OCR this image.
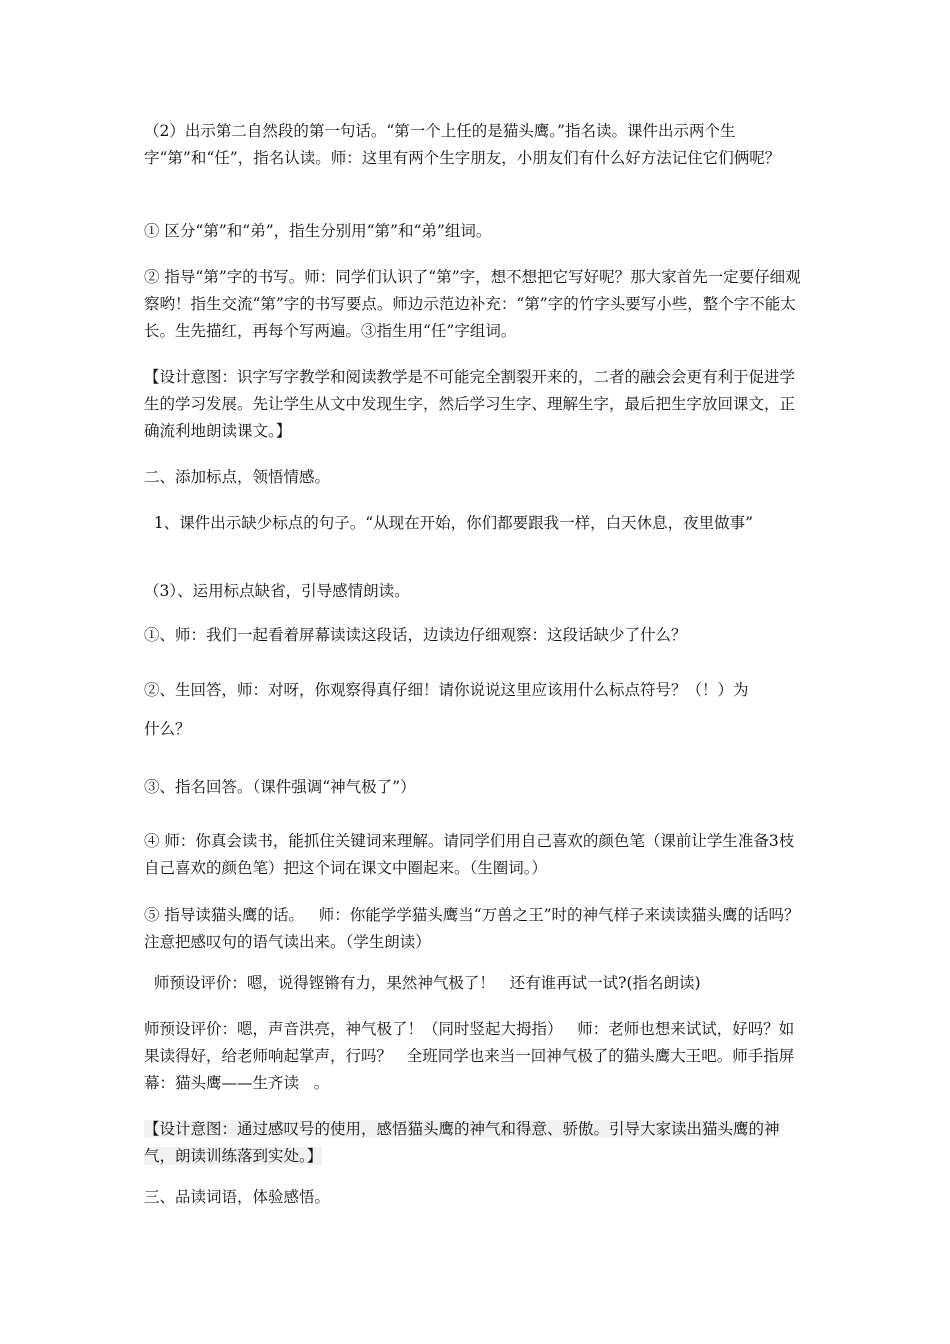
（2）出示第二自然段的第一句话。“第一个上任的是猫头鹰。”指名读。课件出示两个生字“第”和“任”，指名认读。师：这里有两个生字朋友，小朋友们有什么好方法记住它们俩呢？

① 区分“第”和“弟”，指生分别用“第”和“弟”组词。

② 指导“第”字的书写。师：同学们认识了“第”字，想不想把它写好呢？那大家首先一定要仔细观察哟！指生交流“第”字的书写要点。师边示范边补充：“第”字的竹字头要写小些，整个字不能太长。生先描红，再每个写两遍。③指生用“任”字组词。

【设计意图：识字写字教学和阅读教学是不可能完全割裂开来的，二者的融会会更有利于促进学生的学习发展。先让学生从文中发现生字，然后学习生字、理解生字，最后把生字放回课文，正确流利地朗读课文。】

二、添加标点，领悟情感。

1、课件出示缺少标点的句子。“从现在开始，你们都要跟我一样，白天休息，夜里做事”

（3）、运用标点缺省，引导感情朗读。

①、师：我们一起看着屏幕读读这段话，边读边仔细观察：这段话缺少了什么？

②、生回答，师：对呀，你观察得真仔细！请你说说这里应该用什么标点符号？（！）为

什么？

③、指名回答。（课件强调“神气极了”）

④ 师：你真会读书，能抓住关键词来理解。请同学们用自己喜欢的颜色笔（课前让学生准备3枝自己喜欢的颜色笔）把这个词在课文中圈起来。（生圈词。）

⑤ 指导读猫头鹰的话。   师：你能学学猫头鹰当“万兽之王”时的神气样子来读读猫头鹰的话吗？注意把感叹句的语气读出来。（学生朗读）

师预设评价：嗯，说得铿锵有力，果然神气极了！   还有谁再试一试?(指名朗读)

师预设评价：嗯，声音洪亮，神气极了！（同时竖起大拇指）   师：老师也想来试试，好吗？如果读得好，给老师响起掌声，行吗？   全班同学也来当一回神气极了的猫头鹰大王吧。师手指屏幕：猫头鹰——生齐读   。

【设计意图：通过感叹号的使用，感悟猫头鹰的神气和得意、骄傲。引导大家读出猫头鹰的神气，朗读训练落到实处。】

三、品读词语，体验感悟。
